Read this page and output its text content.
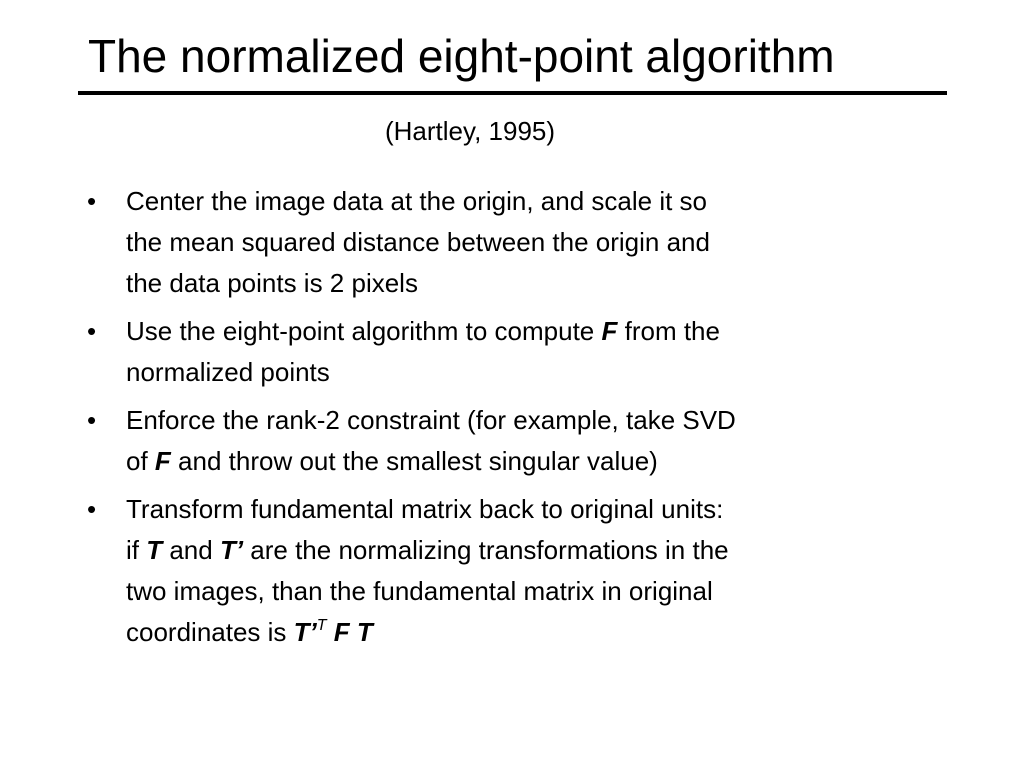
The normalized eight-point algorithm
(Hartley, 1995)
• Center the image data at the origin, and scale it so
the mean squared distance between the origin and
the data points is 2 pixels
• Use the eight-point algorithm to compute F from the
normalized points
• Enforce the rank-2 constraint (for example, take SVD
of F and throw out the smallest singular value)
• Transform fundamental matrix back to original units:
if T and T’ are the normalizing transformations in the
two images, than the fundamental matrix in original
coordinates is T’$^T$ F T
